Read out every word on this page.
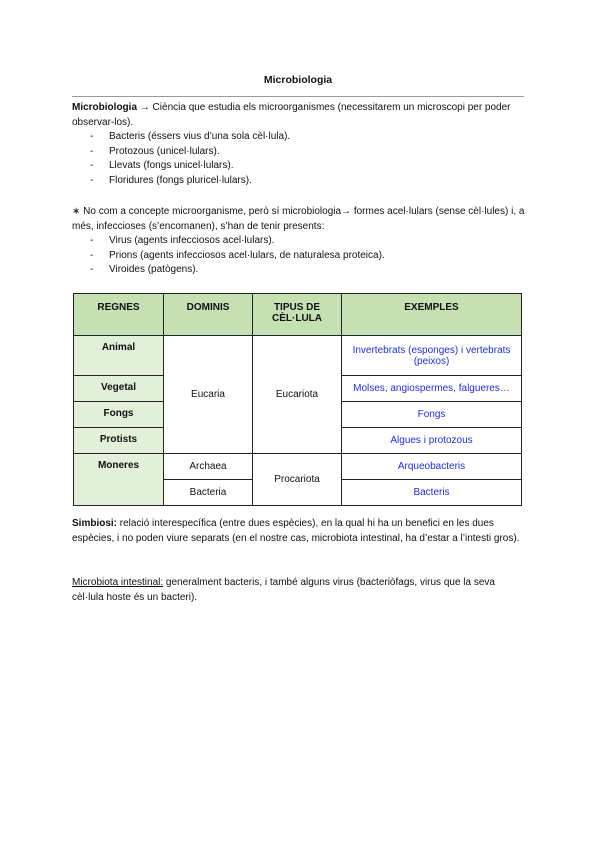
Microbiologia
Microbiologia → Ciència que estudia els microorganismes (necessitarem un microscopi per poder observar-los).
- Bacteris (éssers vius d’una sola cèl·lula).
- Protozous (unicel·lulars).
- Llevats (fongs unicel·lulars).
- Floridures (fongs pluricel·lulars).
∗ No com a concepte microorganisme, però sí microbiologia→ formes acel·lulars (sense cèl·lules) i, a més, infeccioses (s’encomanen), s’han de tenir presents:
- Virus (agents infecciosos acel·lulars).
- Prions (agents infecciosos acel·lulars, de naturalesa proteica).
- Viroides (patògens).
REGNES	DOMINIS	TIPUS DE CÈL·LULA	EXEMPLES
Animal	Eucaria	Eucariota	Invertebrats (esponges) i vertebrats (peixos)
Vegetal			Molses, angiospermes, falgueres…
Fongs			Fongs
Protists			Algues i protozous
Moneres	Archaea	Procariota	Arqueobacteris
	Bacteria		Bacteris
Simbiosi: relació interespecífica (entre dues espècies), en la qual hi ha un benefici en les dues espècies, i no poden viure separats (en el nostre cas, microbiota intestinal, ha d’estar a l’intesti gros).
Microbiota intestinal: generalment bacteris, i també alguns virus (bacteriòfags, virus que la seva cèl·lula hoste és un bacteri).
